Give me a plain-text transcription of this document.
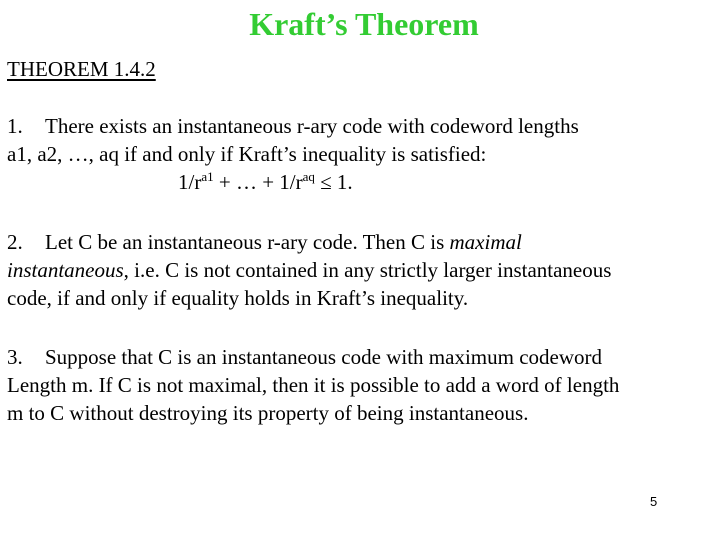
Kraft’s Theorem
THEOREM 1.4.2
1. There exists an instantaneous r-ary code with codeword lengths
a1, a2, …, aq if and only if Kraft’s inequality is satisfied:
$1/r^{a1}$ + … + $1/r^{aq} \le 1$.
2. Let C be an instantaneous r-ary code. Then C is maximal
instantaneous, i.e. C is not contained in any strictly larger instantaneous
code, if and only if equality holds in Kraft’s inequality.
3. Suppose that C is an instantaneous code with maximum codeword
Length m. If C is not maximal, then it is possible to add a word of length
m to C without destroying its property of being instantaneous.
5
